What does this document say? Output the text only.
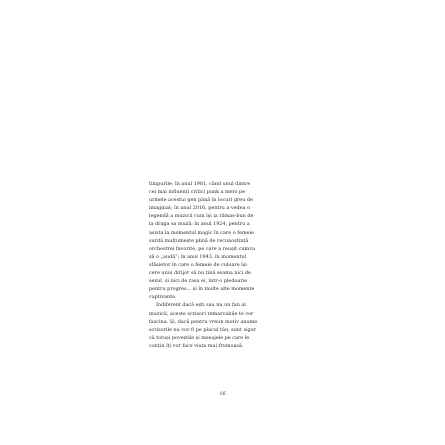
timpurile; în anul 1981, când unul dintre
cei mai influenți critici punk a mers pe
urmele acestui gen până în locuri greu de
imaginat; în anul 2016, pentru a vedea o
legendă a muzicii cum își ia rămas-bun de
la draga sa muză; în anul 1924, pentru a
asista la momentul magic în care o femeie
surdă mulțumește plină de recunoștință
orchestrei favorite, pe care a reușit cumva
să o „audă”; în anul 1943, în momentul
sfâșietor în care o femeie de culoare își
cere unui dirijor să nu țină seama nici de
sexul, și nici de rasa ei, într-o pledoarie
pentru progres... și în multe alte momente
captivante.
Indiferent dacă ești sau nu un fan al
muzicii, aceste scrisori remarcabile te vor
fascina. Și, dacă pentru vreun motiv anume
scrisorile nu vor fi pe placul tău, sunt sigur
că totuși poveștile și mesajele pe care le
conțin îți vor face viața mai frumoasă.
16
